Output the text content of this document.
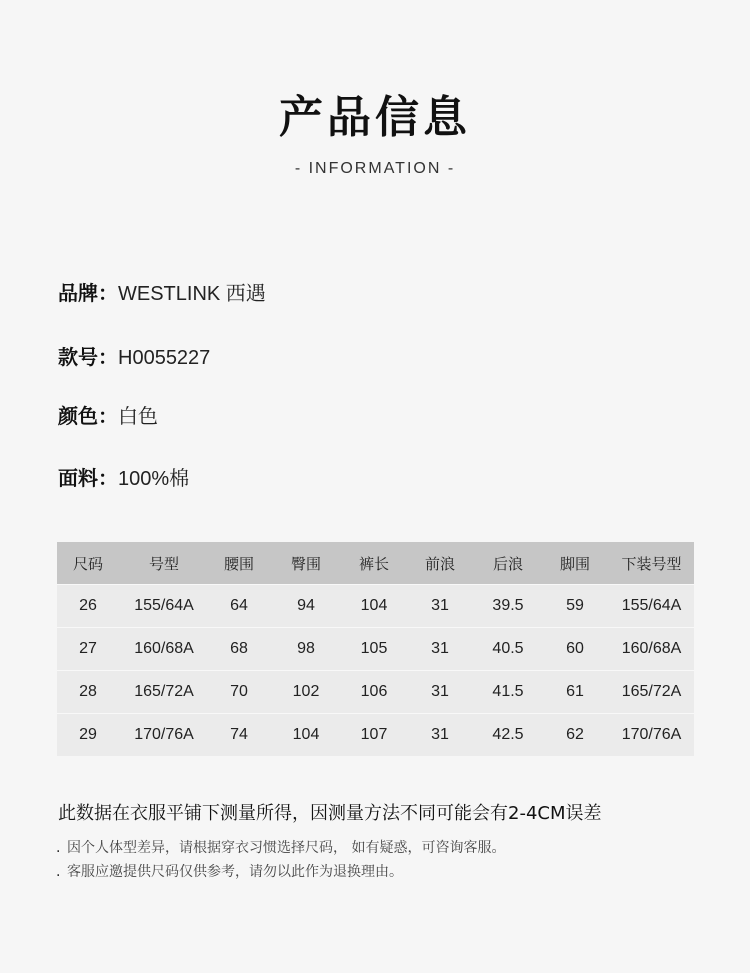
产品信息
- INFORMATION -
品牌：WESTLINK 西遇
款号：H0055227
颜色：白色
面料：100%棉
尺码	号型	腰围	臀围	裤长	前浪	后浪	脚围	下装号型
26	155/64A	64	94	104	31	39.5	59	155/64A
27	160/68A	68	98	105	31	40.5	60	160/68A
28	165/72A	70	102	106	31	41.5	61	165/72A
29	170/76A	74	104	107	31	42.5	62	170/76A
此数据在衣服平铺下测量所得，因测量方法不同可能会有2-4CM误差
. 因个人体型差异，请根据穿衣习惯选择尺码， 如有疑惑，可咨询客服。
. 客服应邀提供尺码仅供参考，请勿以此作为退换理由。
